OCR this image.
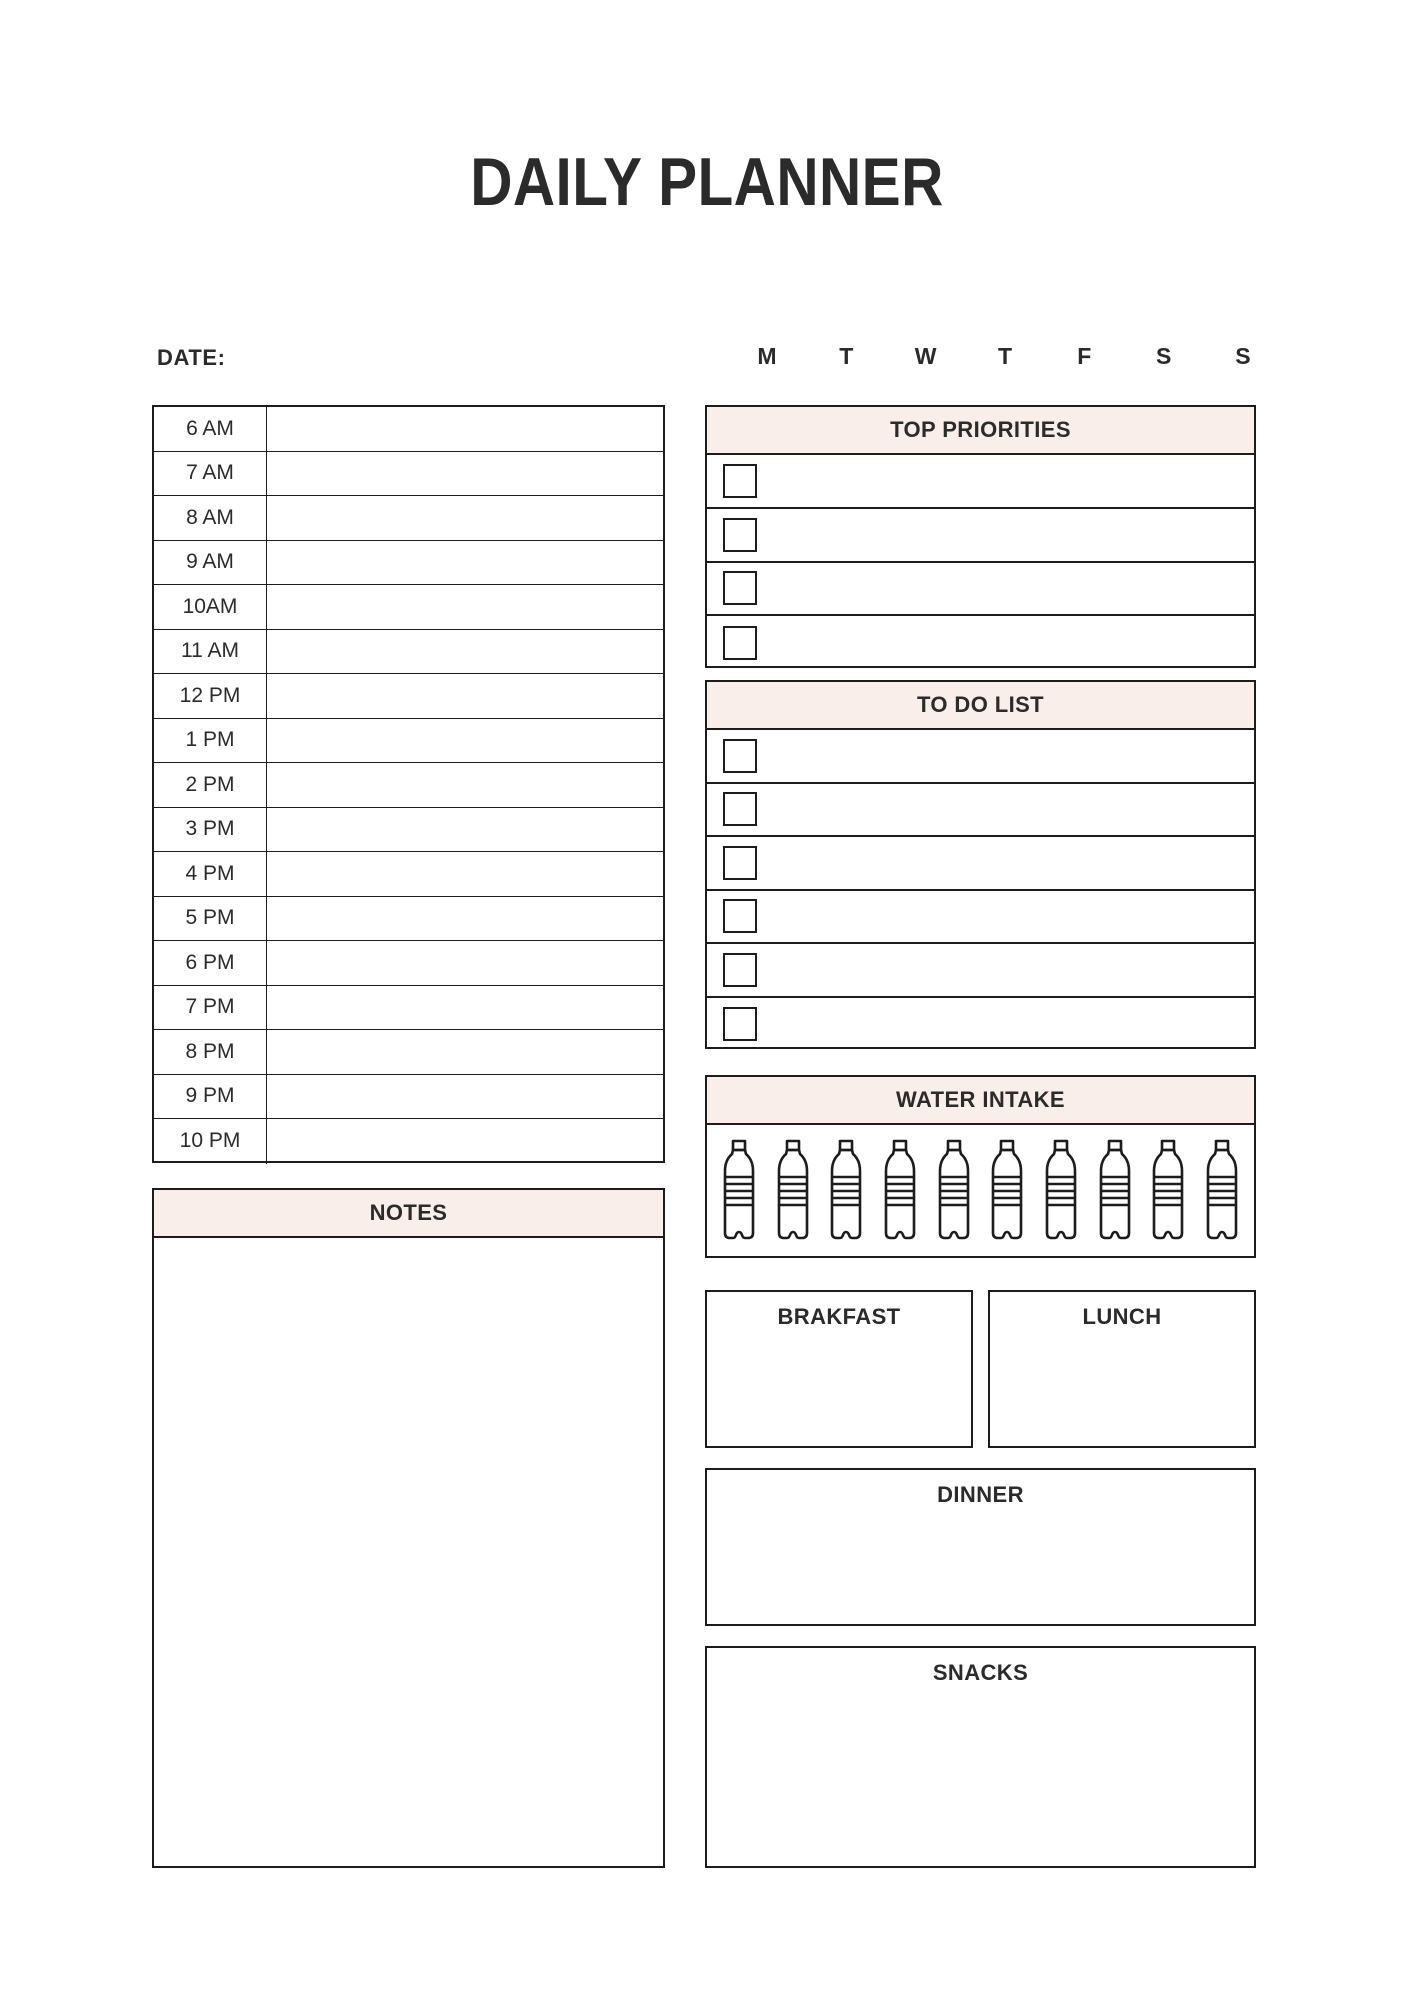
DAILY PLANNER
DATE:	M	T	W	T	F	S	S
6 AM
7 AM
8 AM
9 AM
10AM
11 AM
12 PM
1 PM
2 PM
3 PM
4 PM
5 PM
6 PM
7 PM
8 PM
9 PM
10 PM
NOTES
TOP PRIORITIES
TO DO LIST
WATER INTAKE
BRAKFAST	LUNCH
DINNER
SNACKS
